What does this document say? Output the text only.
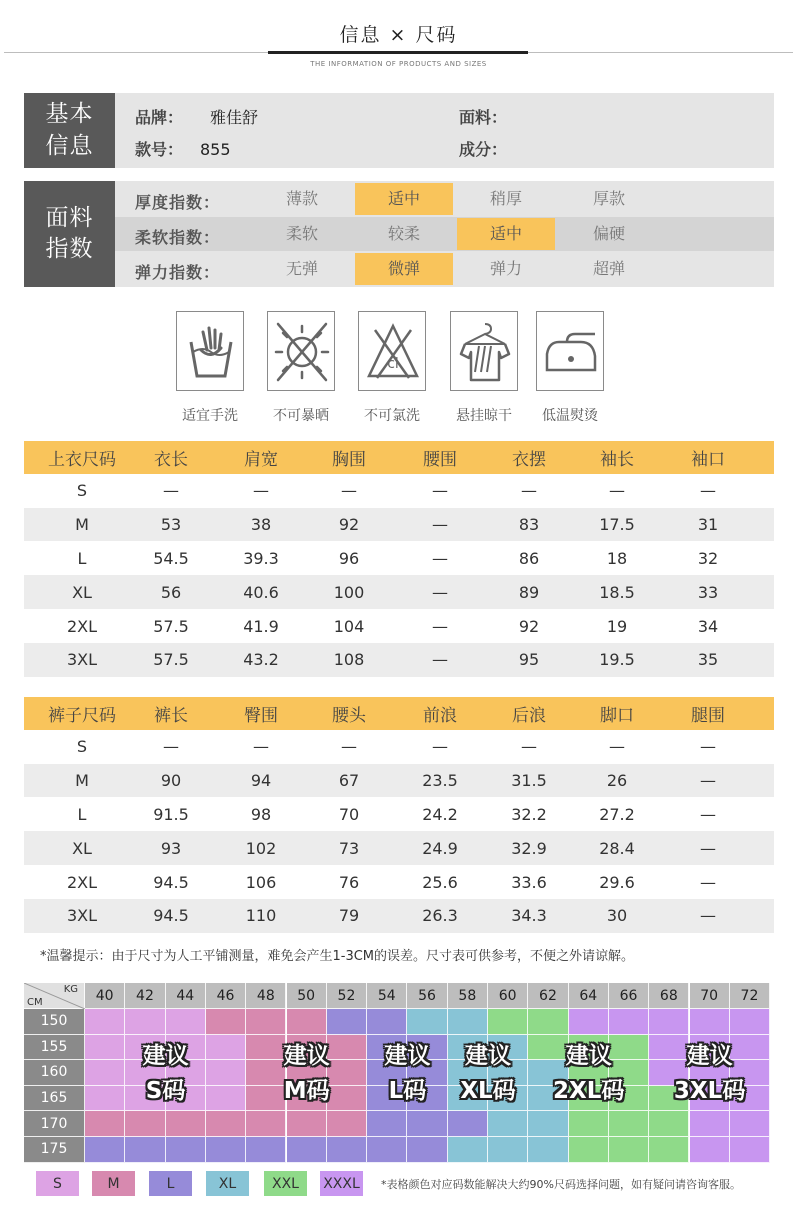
信息 × 尺码
THE INFORMATION OF PRODUCTS AND SIZES
基本
信息
品牌： 雅佳舒
款号： 855
面料：
成分：
面料
指数
厚度指数：	薄款	适中	稍厚	厚款
柔软指数：	柔软	较柔	适中	偏硬
弹力指数：	无弹	微弹	弹力	超弹
cl
适宜手洗	不可暴晒	不可氯洗	悬挂晾干	低温熨烫
上衣尺码	衣长	肩宽	胸围	腰围	衣摆	袖长	袖口
S	—	—	—	—	—	—	—
M	53	38	92	—	83	17.5	31
L	54.5	39.3	96	—	86	18	32
XL	56	40.6	100	—	89	18.5	33
2XL	57.5	41.9	104	—	92	19	34
3XL	57.5	43.2	108	—	95	19.5	35
裤子尺码	裤长	臀围	腰头	前浪	后浪	脚口	腿围
S	—	—	—	—	—	—	—
M	90	94	67	23.5	31.5	26	—
L	91.5	98	70	24.2	32.2	27.2	—
XL	93	102	73	24.9	32.9	28.4	—
2XL	94.5	106	76	25.6	33.6	29.6	—
3XL	94.5	110	79	26.3	34.3	30	—
*温馨提示：由于尺寸为人工平铺测量，难免会产生1-3CM的误差。尺寸表可供参考，不便之外请谅解。
KG
CM	40	42	44	46	48	50	52	54	56	58	60	62	64	66	68	70	72
150
155
160
165
170
175
建议
S码
建议
M码
建议
L码
建议
XL码
建议
2XL码
建议
3XL码
S	M	L	XL	XXL	XXXL *表格颜色对应码数能解决大约90%尺码选择问题，如有疑问请咨询客服。
